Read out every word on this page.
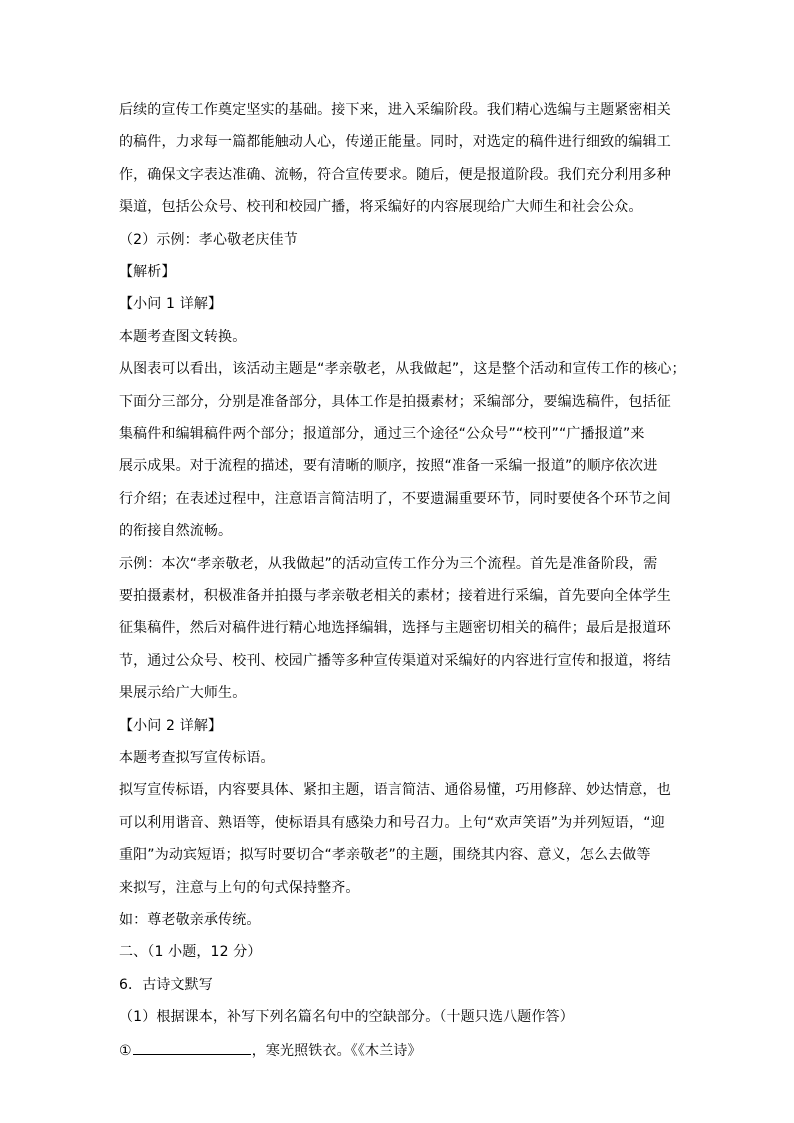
后续的宣传工作奠定坚实的基础。接下来，进入采编阶段。我们精心选编与主题紧密相关
的稿件，力求每一篇都能触动人心，传递正能量。同时，对选定的稿件进行细致的编辑工
作，确保文字表达准确、流畅，符合宣传要求。随后，便是报道阶段。我们充分利用多种
渠道，包括公众号、校刊和校园广播，将采编好的内容展现给广大师生和社会公众。
（2）示例：孝心敬老庆佳节
【解析】
【小问 1 详解】
本题考查图文转换。
从图表可以看出，该活动主题是“孝亲敬老，从我做起”，这是整个活动和宣传工作的核心；
下面分三部分，分别是准备部分，具体工作是拍摄素材；采编部分，要编选稿件，包括征
集稿件和编辑稿件两个部分；报道部分，通过三个途径“公众号”“校刊”“广播报道”来
展示成果。对于流程的描述，要有清晰的顺序，按照“准备一采编一报道”的顺序依次进
行介绍；在表述过程中，注意语言简洁明了，不要遗漏重要环节，同时要使各个环节之间
的衔接自然流畅。
示例：本次“孝亲敬老，从我做起”的活动宣传工作分为三个流程。首先是准备阶段，需
要拍摄素材，积极准备并拍摄与孝亲敬老相关的素材；接着进行采编，首先要向全体学生
征集稿件，然后对稿件进行精心地选择编辑，选择与主题密切相关的稿件；最后是报道环
节，通过公众号、校刊、校园广播等多种宣传渠道对采编好的内容进行宣传和报道，将结
果展示给广大师生。
【小问 2 详解】
本题考查拟写宣传标语。
拟写宣传标语，内容要具体、紧扣主题，语言简洁、通俗易懂，巧用修辞、妙达情意，也
可以利用谐音、熟语等，使标语具有感染力和号召力。上句“欢声笑语”为并列短语，“迎
重阳”为动宾短语；拟写时要切合“孝亲敬老”的主题，围绕其内容、意义，怎么去做等
来拟写，注意与上句的句式保持整齐。
如：尊老敬亲承传统。
二、（1 小题，12 分）
6．古诗文默写
（1）根据课本，补写下列名篇名句中的空缺部分。（十题只选八题作答）
①	，寒光照铁衣。《《木兰诗》
